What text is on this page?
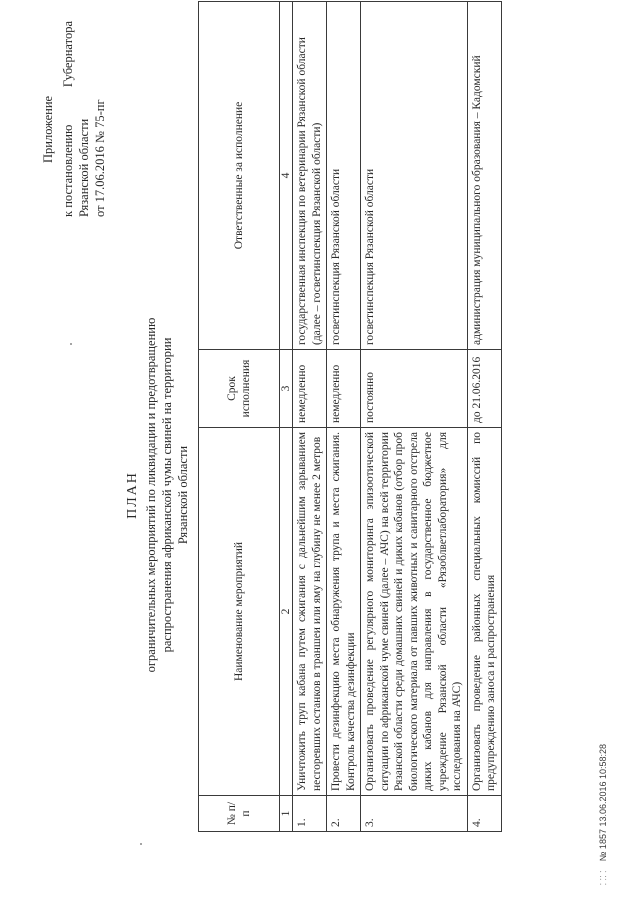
Приложение к постановлению
Губернатора
Рязанской области от 17.06.2016 № 75-пг
ПЛАН ограничительных мероприятий по ликвидации и предотвращению распространения африканской чумы свиней на территории Рязанской области
№ п/п	Наименование мероприятий	Срок исполнения	Ответственные за исполнение
1	2	3	4
1.	Уничтожить труп кабана путем сжигания с дальнейшим зарыванием несгоревших останков в траншеи или яму на глубину не менее 2 метров	немедленно	государственная инспекция по ветеринарии Рязанской области (далее – госветинспекция Рязанской области)
2.	Провести дезинфекцию места обнаружения трупа и места сжигания. Контроль качества дезинфекции	немедленно	госветинспекция Рязанской области
3.	Организовать проведение регулярного мониторинга эпизоотической ситуации по африканской чуме свиней (далее – АЧС) на всей территории Рязанской области среди домашних свиней и диких кабанов (отбор проб биологического материала от павших животных и санитарного отстрела диких кабанов для направления в государственное бюджетное учреждение Рязанской области «Рязоблветлаборатория» для исследования на АЧС)	постоянно	госветинспекция Рязанской области
4.	Организовать проведение районных специальных комиссий по предупреждению заноса и распространения	до 21.06.2016	администрация муниципального образования – Кадомский
⸬⸬ № 1857 13.06.2016 10:58:28
